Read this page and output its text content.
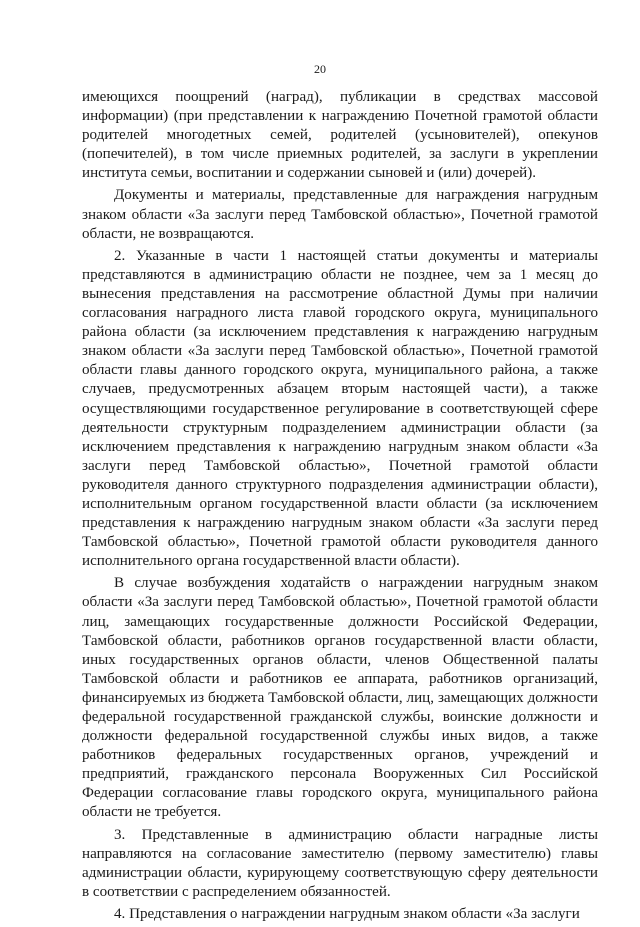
20

имеющихся поощрений (наград), публикации в средствах массовой информации) (при представлении к награждению Почетной грамотой области родителей многодетных семей, родителей (усыновителей), опекунов (попечителей), в том числе приемных родителей, за заслуги в укреплении института семьи, воспитании и содержании сыновей и (или) дочерей).

Документы и материалы, представленные для награждения нагрудным знаком области «За заслуги перед Тамбовской областью», Почетной грамотой области, не возвращаются.

2. Указанные в части 1 настоящей статьи документы и материалы представляются в администрацию области не позднее, чем за 1 месяц до вынесения представления на рассмотрение областной Думы при наличии согласования наградного листа главой городского округа, муниципального района области (за исключением представления к награждению нагрудным знаком области «За заслуги перед Тамбовской областью», Почетной грамотой области главы данного городского округа, муниципального района, а также случаев, предусмотренных абзацем вторым настоящей части), а также осуществляющими государственное регулирование в соответствующей сфере деятельности структурным подразделением администрации области (за исключением представления к награждению нагрудным знаком области «За заслуги перед Тамбовской областью», Почетной грамотой области руководителя данного структурного подразделения администрации области), исполнительным органом государственной власти области (за исключением представления к награждению нагрудным знаком области «За заслуги перед Тамбовской областью», Почетной грамотой области руководителя данного исполнительного органа государственной власти области).

В случае возбуждения ходатайств о награждении нагрудным знаком области «За заслуги перед Тамбовской областью», Почетной грамотой области лиц, замещающих государственные должности Российской Федерации, Тамбовской области, работников органов государственной власти области, иных государственных органов области, членов Общественной палаты Тамбовской области и работников ее аппарата, работников организаций, финансируемых из бюджета Тамбовской области, лиц, замещающих должности федеральной государственной гражданской службы, воинские должности и должности федеральной государственной службы иных видов, а также работников федеральных государственных органов, учреждений и предприятий, гражданского персонала Вооруженных Сил Российской Федерации согласование главы городского округа, муниципального района области не требуется.

3. Представленные в администрацию области наградные листы направляются на согласование заместителю (первому заместителю) главы администрации области, курирующему соответствующую сферу деятельности в соответствии с распределением обязанностей.

4. Представления о награждении нагрудным знаком области «За заслуги
